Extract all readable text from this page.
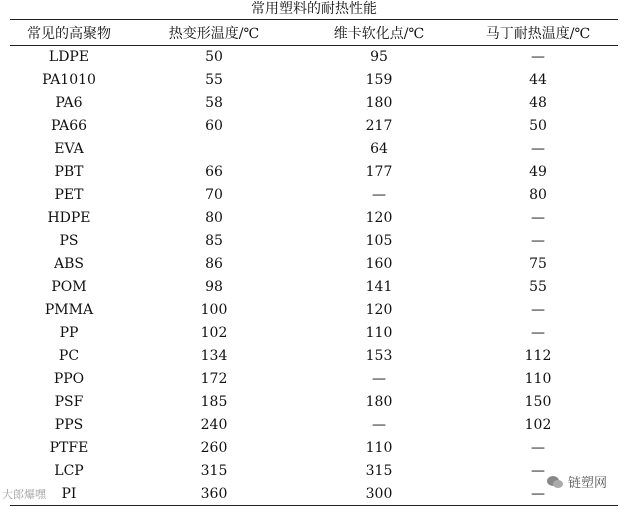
常用塑料的耐热性能
常见的高聚物	热变形温度/℃	维卡软化点/℃	马丁耐热温度/℃
LDPE	50	95	—
PA1010	55	159	44
PA6	58	180	48
PA66	60	217	50
EVA		64	—
PBT	66	177	49
PET	70	—	80
HDPE	80	120	—
PS	85	105	—
ABS	86	160	75
POM	98	141	55
PMMA	100	120	—
PP	102	110	—
PC	134	153	112
PPO	172	—	110
PSF	185	180	150
PPS	240	—	102
PTFE	260	110	—
LCP	315	315	—
PI	360	300	—
大郎爆嘿
链塑网
